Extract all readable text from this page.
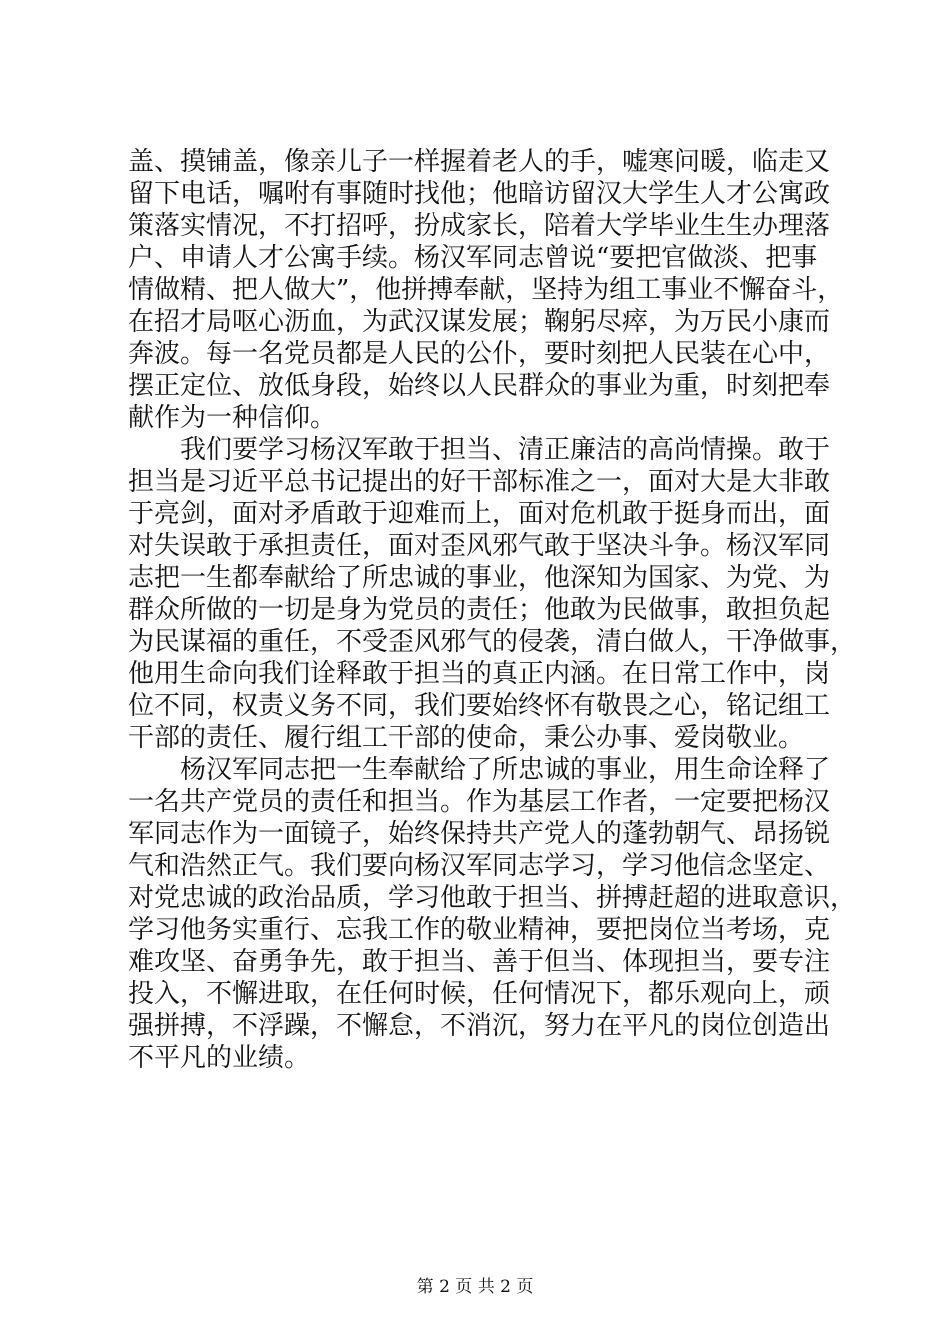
盖、摸铺盖，像亲儿子一样握着老人的手，嘘寒问暖，临走又
留下电话，嘱咐有事随时找他；他暗访留汉大学生人才公寓政
策落实情况，不打招呼，扮成家长，陪着大学毕业生生办理落
户、申请人才公寓手续。杨汉军同志曾说“要把官做淡、把事
情做精、把人做大”，他拼搏奉献，坚持为组工事业不懈奋斗，
在招才局呕心沥血，为武汉谋发展；鞠躬尽瘁，为万民小康而
奔波。每一名党员都是人民的公仆，要时刻把人民装在心中，
摆正定位、放低身段，始终以人民群众的事业为重，时刻把奉
献作为一种信仰。
　　我们要学习杨汉军敢于担当、清正廉洁的高尚情操。敢于
担当是习近平总书记提出的好干部标准之一，面对大是大非敢
于亮剑，面对矛盾敢于迎难而上，面对危机敢于挺身而出，面
对失误敢于承担责任，面对歪风邪气敢于坚决斗争。杨汉军同
志把一生都奉献给了所忠诚的事业，他深知为国家、为党、为
群众所做的一切是身为党员的责任；他敢为民做事，敢担负起
为民谋福的重任，不受歪风邪气的侵袭，清白做人，干净做事，
他用生命向我们诠释敢于担当的真正内涵。在日常工作中，岗
位不同，权责义务不同，我们要始终怀有敬畏之心，铭记组工
干部的责任、履行组工干部的使命，秉公办事、爱岗敬业。
　　杨汉军同志把一生奉献给了所忠诚的事业，用生命诠释了
一名共产党员的责任和担当。作为基层工作者，一定要把杨汉
军同志作为一面镜子，始终保持共产党人的蓬勃朝气、昂扬锐
气和浩然正气。我们要向杨汉军同志学习，学习他信念坚定、
对党忠诚的政治品质，学习他敢于担当、拼搏赶超的进取意识，
学习他务实重行、忘我工作的敬业精神，要把岗位当考场，克
难攻坚、奋勇争先，敢于担当、善于但当、体现担当，要专注
投入，不懈进取，在任何时候，任何情况下，都乐观向上，顽
强拼搏，不浮躁，不懈怠，不消沉，努力在平凡的岗位创造出
不平凡的业绩。
第 2 页 共 2 页
